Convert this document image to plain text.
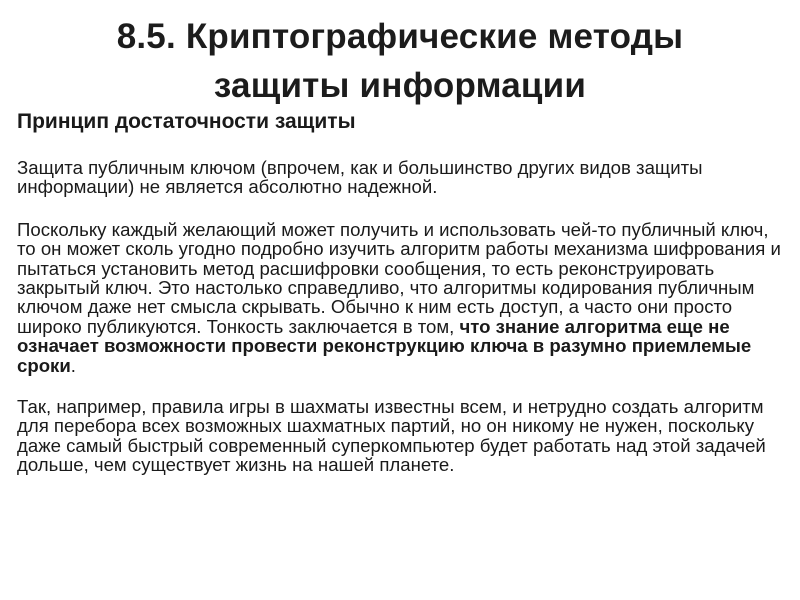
8.5. Криптографические методы
защиты информации
Принцип достаточности защиты

Защита публичным ключом (впрочем, как и большинство других видов защиты информации) не является абсолютно надежной.

Поскольку каждый желающий может получить и использовать чей-то публичный ключ, то он может сколь угодно подробно изучить алгоритм работы механизма шифрования и пытаться установить метод расшифровки сообщения, то есть реконструировать закрытый ключ. Это настолько справедливо, что алгоритмы кодирования публичным ключом даже нет смысла скрывать. Обычно к ним есть доступ, а часто они просто широко публикуются. Тонкость заключается в том, что знание алгоритма еще не означает возможности провести реконструкцию ключа в разумно приемлемые сроки.

Так, например, правила игры в шахматы известны всем, и нетрудно создать алгоритм для перебора всех возможных шахматных партий, но он никому не нужен, поскольку даже самый быстрый современный суперкомпьютер будет работать над этой задачей дольше, чем существует жизнь на нашей планете.
